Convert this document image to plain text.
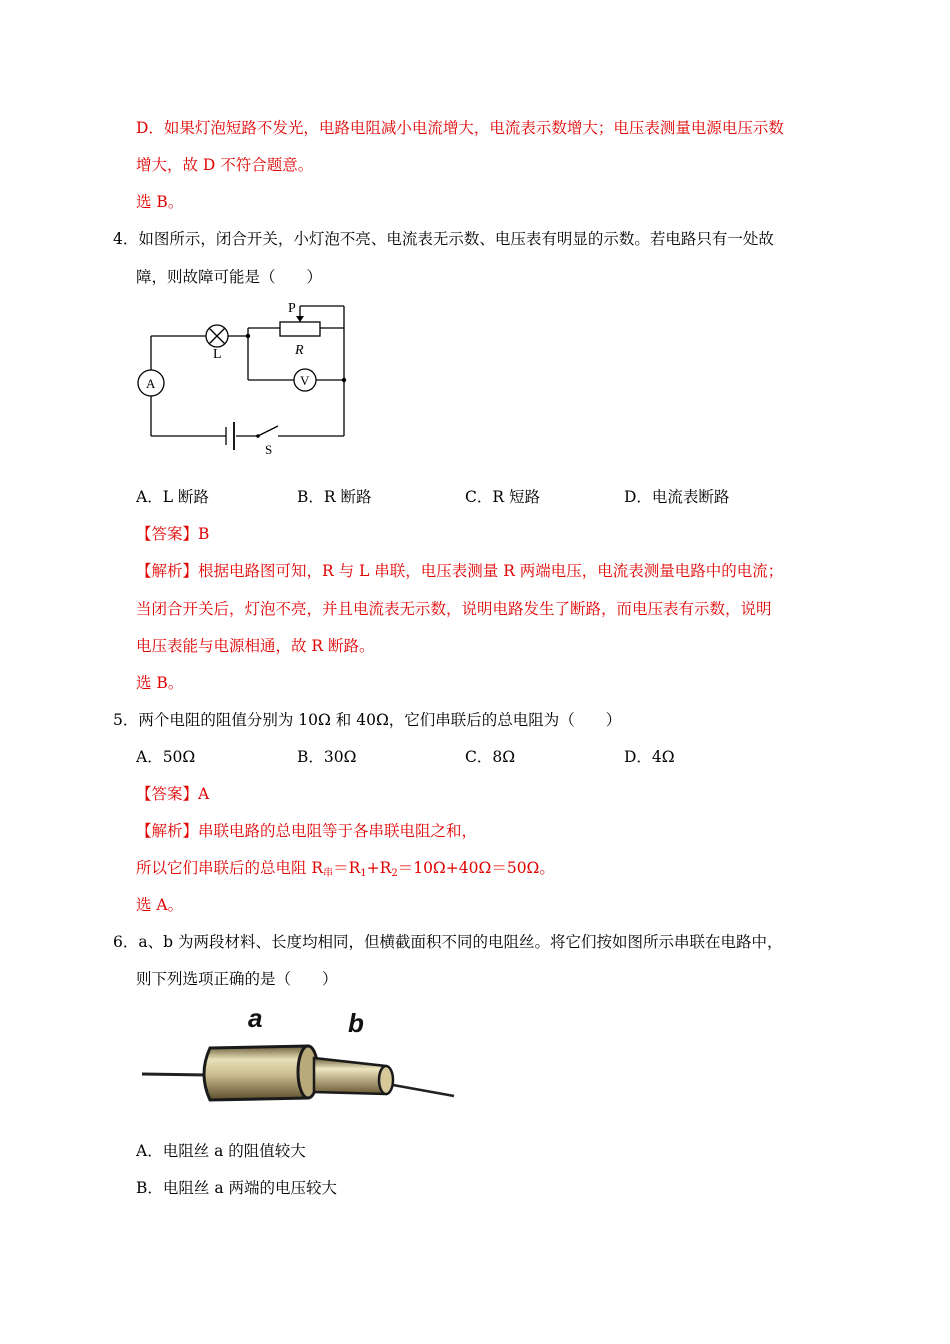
D．如果灯泡短路不发光，电路电阻减小电流增大，电流表示数增大；电压表测量电源电压示数
增大，故 D 不符合题意。
选 B。
4．如图所示，闭合开关，小灯泡不亮、电流表无示数、电压表有明显的示数。若电路只有一处故
障，则故障可能是（　　）
P
L	R
A	V
S
A．L 断路	B．R 断路	C．R 短路	D．电流表断路
【答案】B
【解析】根据电路图可知，R 与 L 串联，电压表测量 R 两端电压，电流表测量电路中的电流；
当闭合开关后，灯泡不亮，并且电流表无示数，说明电路发生了断路，而电压表有示数，说明
电压表能与电源相通，故 R 断路。
选 B。
5．两个电阻的阻值分别为 10Ω 和 40Ω，它们串联后的总电阻为（　　）
A．50Ω	B．30Ω	C．8Ω	D．4Ω
【答案】A
【解析】串联电路的总电阻等于各串联电阻之和，
所以它们串联后的总电阻 $R_串=R_1+R_2=10\Omega+40\Omega=50\Omega$。
选 A。
6．a、b 为两段材料、长度均相同，但横截面积不同的电阻丝。将它们按如图所示串联在电路中，
则下列选项正确的是（　　）
a	b
A．电阻丝 a 的阻值较大
B．电阻丝 a 两端的电压较大
